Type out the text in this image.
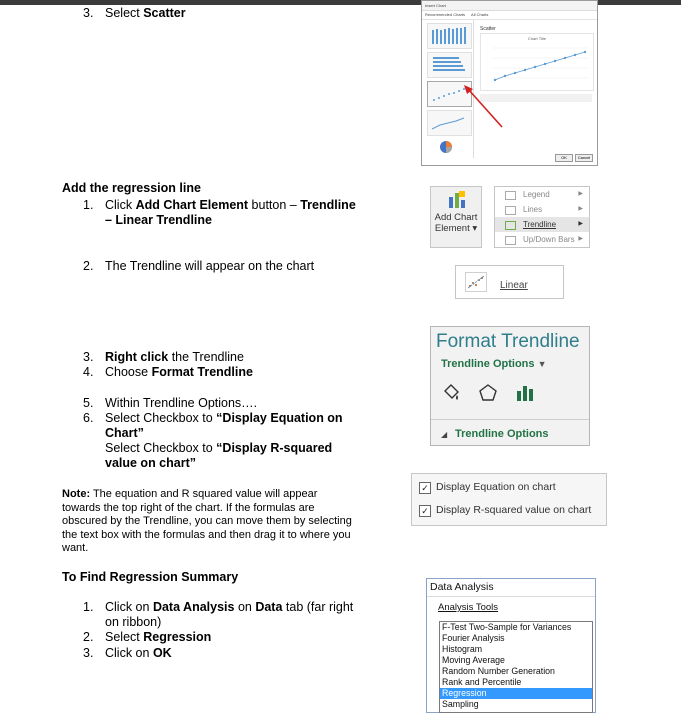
3. Select Scatter
Insert Chart
Recommended Charts All Charts
Scatter
Chart Title
OK	Cancel
Add the regression line
1. Click Add Chart Element button – Trendline
– Linear Trendline
2. The Trendline will appear on the chart
Add Chart
Element ▾
Legend	▶
Lines	▶
Trendline	▶
Up/Down Bars ▶
Linear
3. Right click the Trendline
4. Choose Format Trendline
5. Within Trendline Options….
6. Select Checkbox to “Display Equation on
Chart”
Select Checkbox to “Display R-squared
value on chart”
Format Trendline
Trendline Options ▼
◢ Trendline Options
Note: The equation and R squared value will appear
towards the top right of the chart. If the formulas are
obscured by the Trendline, you can move them by selecting
the text box with the formulas and then drag it to where you
want.
✓ Display Equation on chart
✓ Display R-squared value on chart
To Find Regression Summary
1. Click on Data Analysis on Data tab (far right
on ribbon)
2. Select Regression
3. Click on OK
Data Analysis
Analysis Tools
F-Test Two-Sample for Variances
Fourier Analysis
Histogram
Moving Average
Random Number Generation
Rank and Percentile
Regression
Sampling
